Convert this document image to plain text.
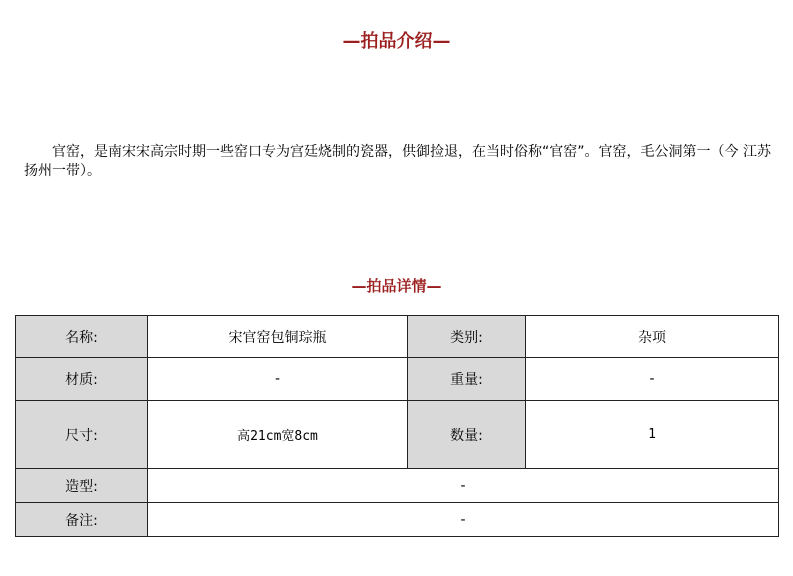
—拍品介绍—

官窑，是南宋宋高宗时期一些窑口专为宫廷烧制的瓷器，供御捡退，在当时俗称“官窑”。官窑，毛公洞第一（今 江苏扬州一带）。

—拍品详情—
名称:	宋官窑包铜琮瓶	类别:	杂项
材质:	-	重量:	-
尺寸:	高21cm宽8cm	数量:	1
造型:	-		
备注:	-		
